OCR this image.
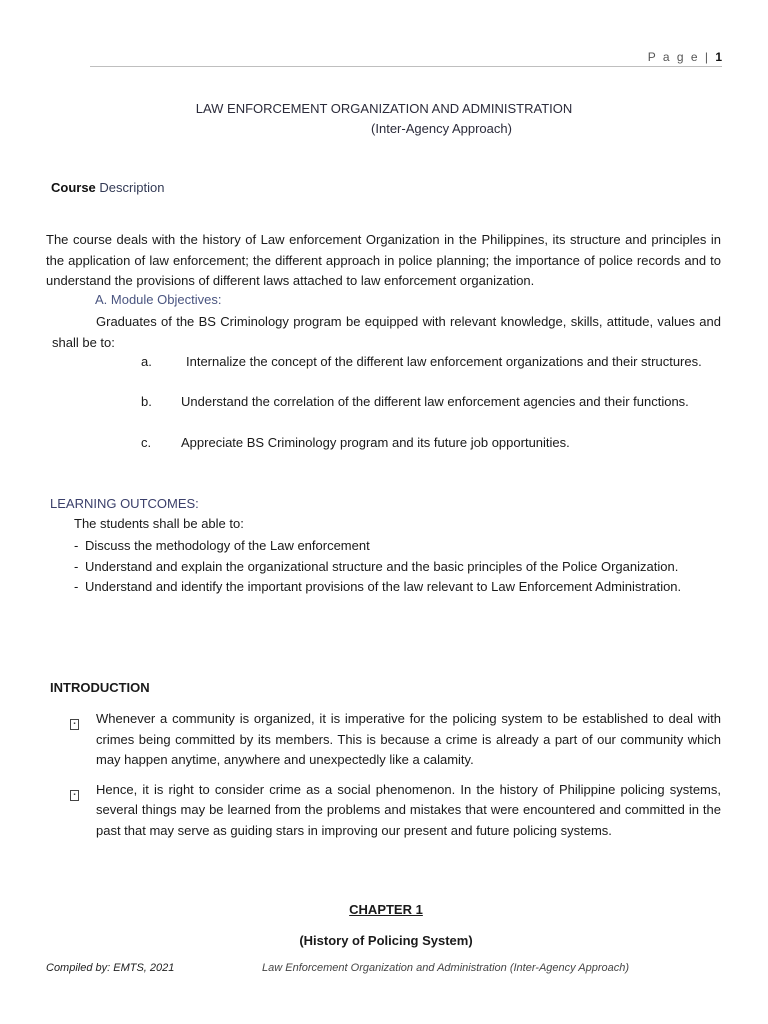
P a g e | 1
LAW ENFORCEMENT ORGANIZATION AND ADMINISTRATION
(Inter-Agency Approach)
Course Description
The course deals with the history of Law enforcement Organization in the Philippines, its structure and principles in the application of law enforcement; the different approach in police planning; the importance of police records and to understand the provisions of different laws attached to law enforcement organization.
A. Module Objectives:
Graduates of the BS Criminology program be equipped with relevant knowledge, skills, attitude, values and shall be to:
a.	Internalize the concept of the different law enforcement organizations and their structures.
b. Understand the correlation of the different law enforcement agencies and their functions.
c. Appreciate BS Criminology program and its future job opportunities.
LEARNING OUTCOMES:
The students shall be able to:
- Discuss the methodology of the Law enforcement
- Understand and explain the organizational structure and the basic principles of the Police Organization.
- Understand and identify the important provisions of the law relevant to Law Enforcement Administration.
INTRODUCTION
▪	Whenever a community is organized, it is imperative for the policing system to be established to deal with crimes being committed by its members. This is because a crime is already a part of our community which may happen anytime, anywhere and unexpectedly like a calamity.
▪	Hence, it is right to consider crime as a social phenomenon. In the history of Philippine policing systems, several things may be learned from the problems and mistakes that were encountered and committed in the past that may serve as guiding stars in improving our present and future policing systems.
CHAPTER 1
(History of Policing System)
Compiled by: EMTS, 2021	Law Enforcement Organization and Administration (Inter-Agency Approach)
